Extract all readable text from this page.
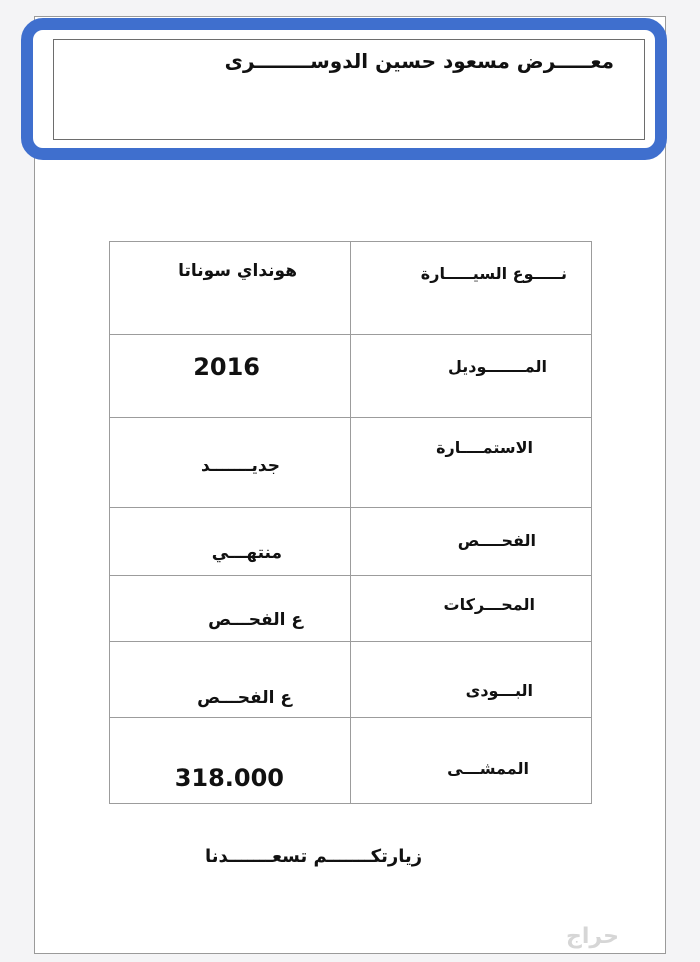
معـــــرض مسعود حسين الدوســــــــرى
هونداي سوناتا	نـــــوع السيـــــارة

2016	المـــــــوديل

جديـــــــد	الاستمــــارة

منتهـــي	الفحــــص

ع الفحـــص	المحـــركات

ع الفحـــص	البـــودى

318.000	الممشـــى
زيارتكـــــــم تسعـــــــدنا
حراج
